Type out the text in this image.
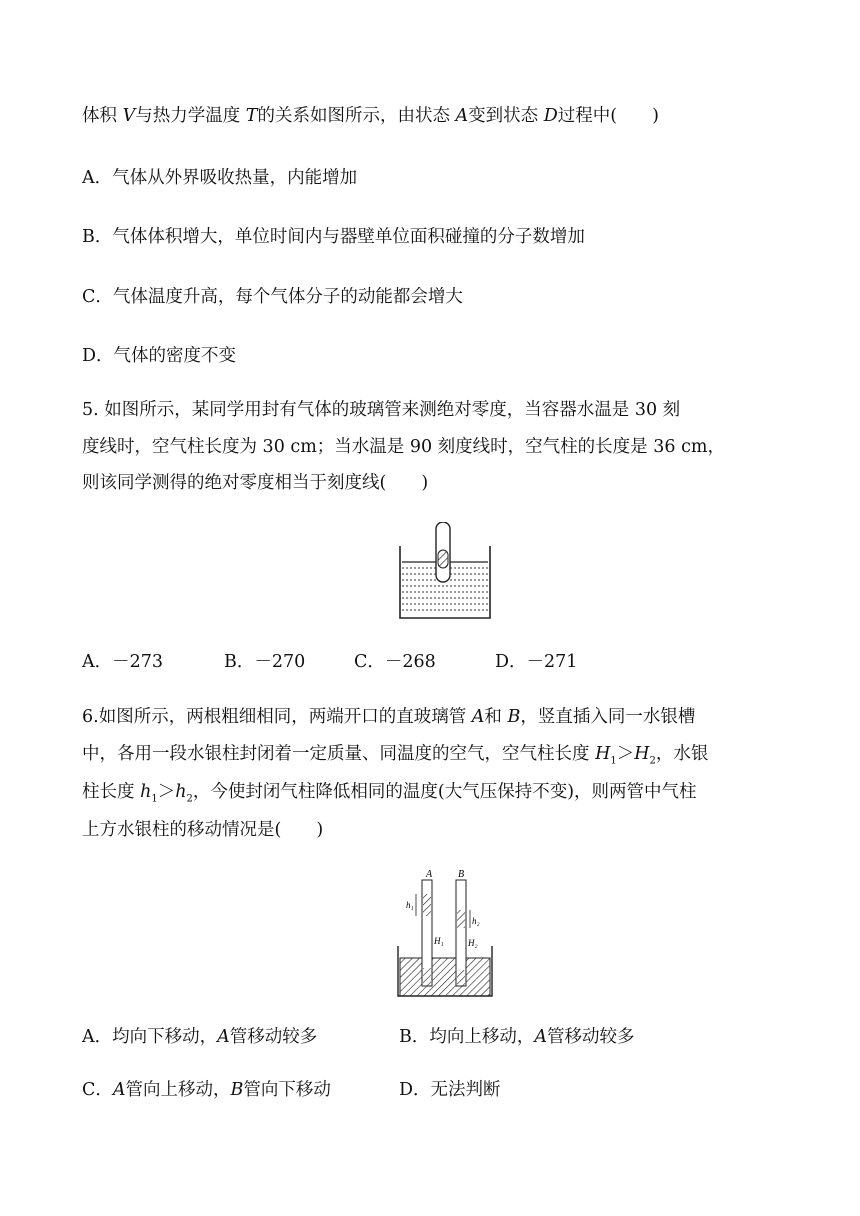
体积 V与热力学温度 T的关系如图所示，由状态 A变到状态 D过程中(　　)
A．气体从外界吸收热量，内能增加
B．气体体积增大，单位时间内与器壁单位面积碰撞的分子数增加
C．气体温度升高，每个气体分子的动能都会增大
D．气体的密度不变
5. 如图所示，某同学用封有气体的玻璃管来测绝对零度，当容器水温是 30 刻
度线时，空气柱长度为 30 cm；当水温是 90 刻度线时，空气柱的长度是 36 cm，
则该同学测得的绝对零度相当于刻度线(　　)
A．－273	B．－270	C．－268	D．－271
6.如图所示，两根粗细相同，两端开口的直玻璃管 A和 B，竖直插入同一水银槽
中，各用一段水银柱封闭着一定质量、同温度的空气，空气柱长度 $H_1>H_2$，水银
柱长度 $h_1>h_2$，今使封闭气柱降低相同的温度(大气压保持不变)，则两管中气柱
上方水银柱的移动情况是(　　)
A	B
h₁
h₂
H₁	H₂
A．均向下移动，A管移动较多	B．均向上移动，A管移动较多
C．A管向上移动，B管向下移动	D．无法判断
